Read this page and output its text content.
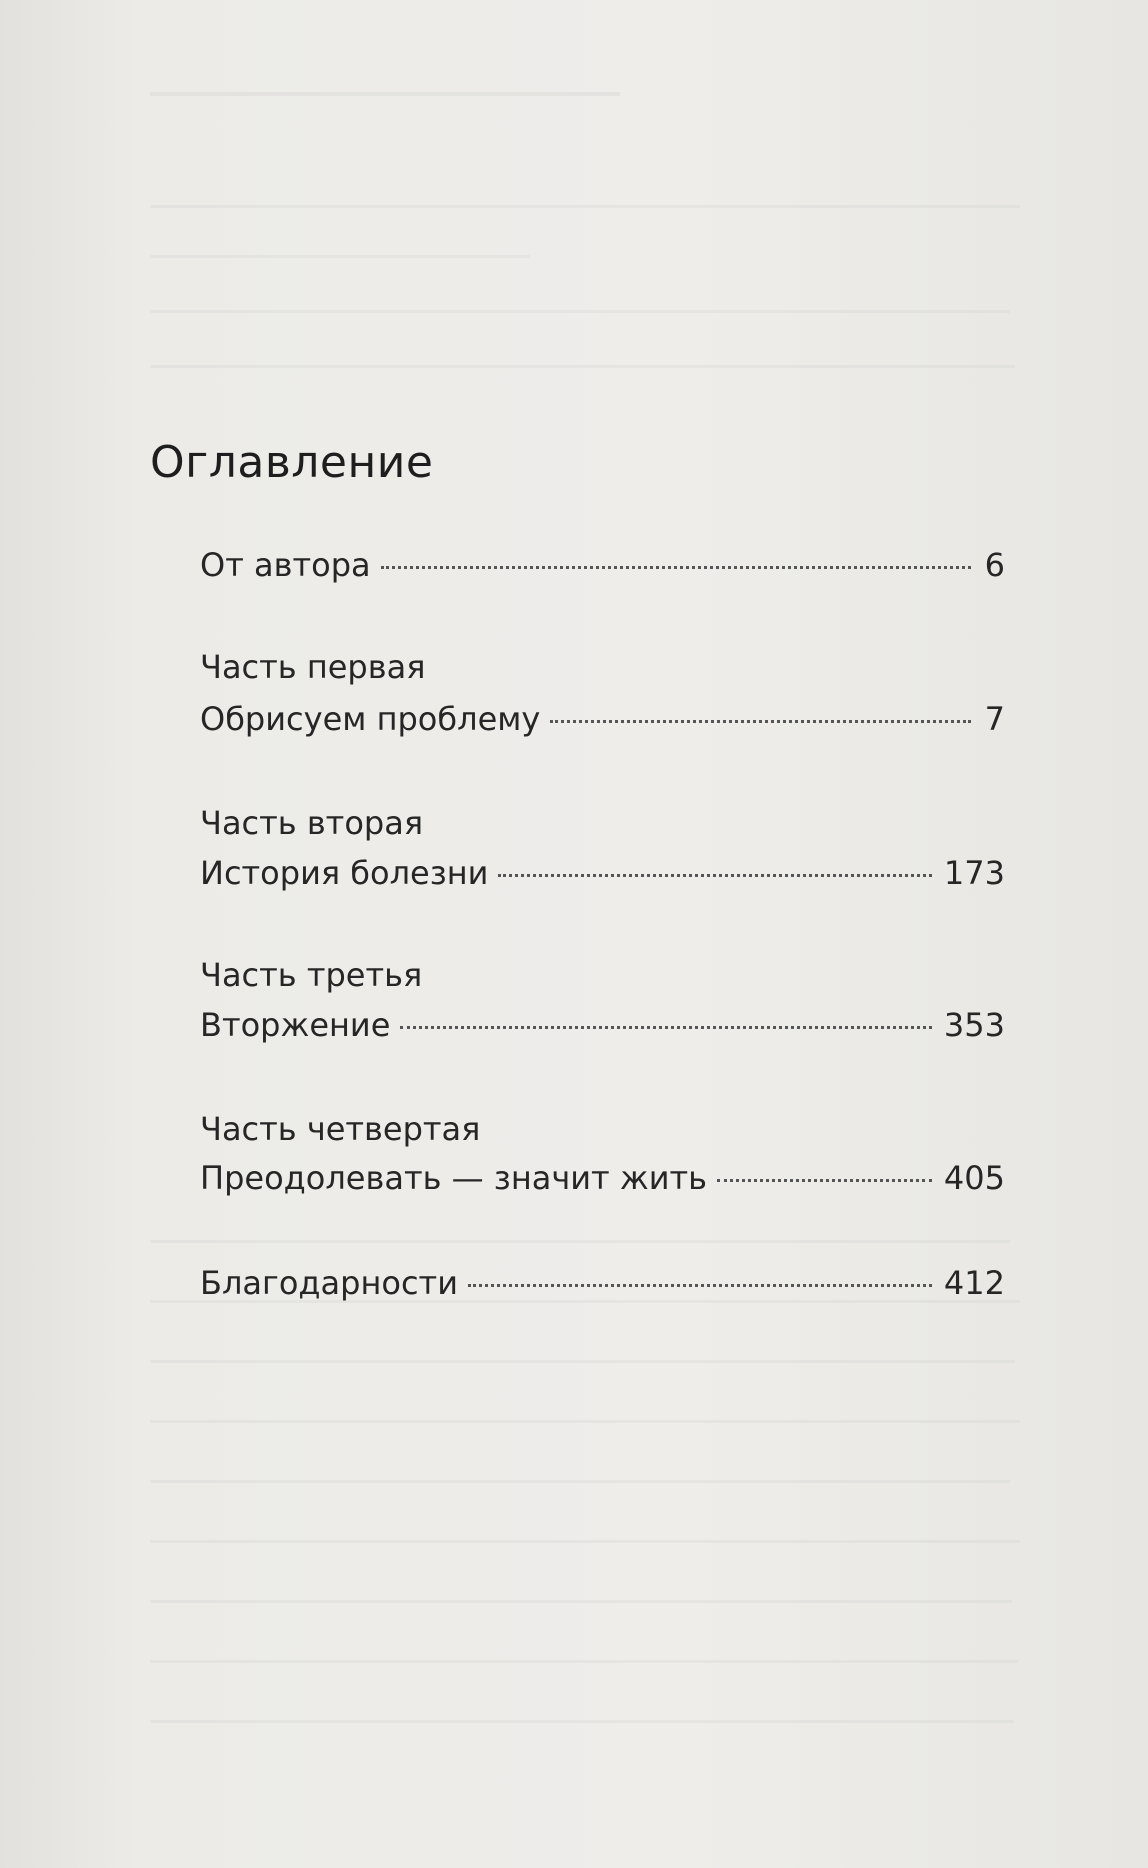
Оглавление
От автора	6
Часть первая
Обрисуем проблему	7
Часть вторая
История болезни	173
Часть третья
Вторжение	353
Часть четвертая
Преодолевать — значит жить	405
Благодарности	412
